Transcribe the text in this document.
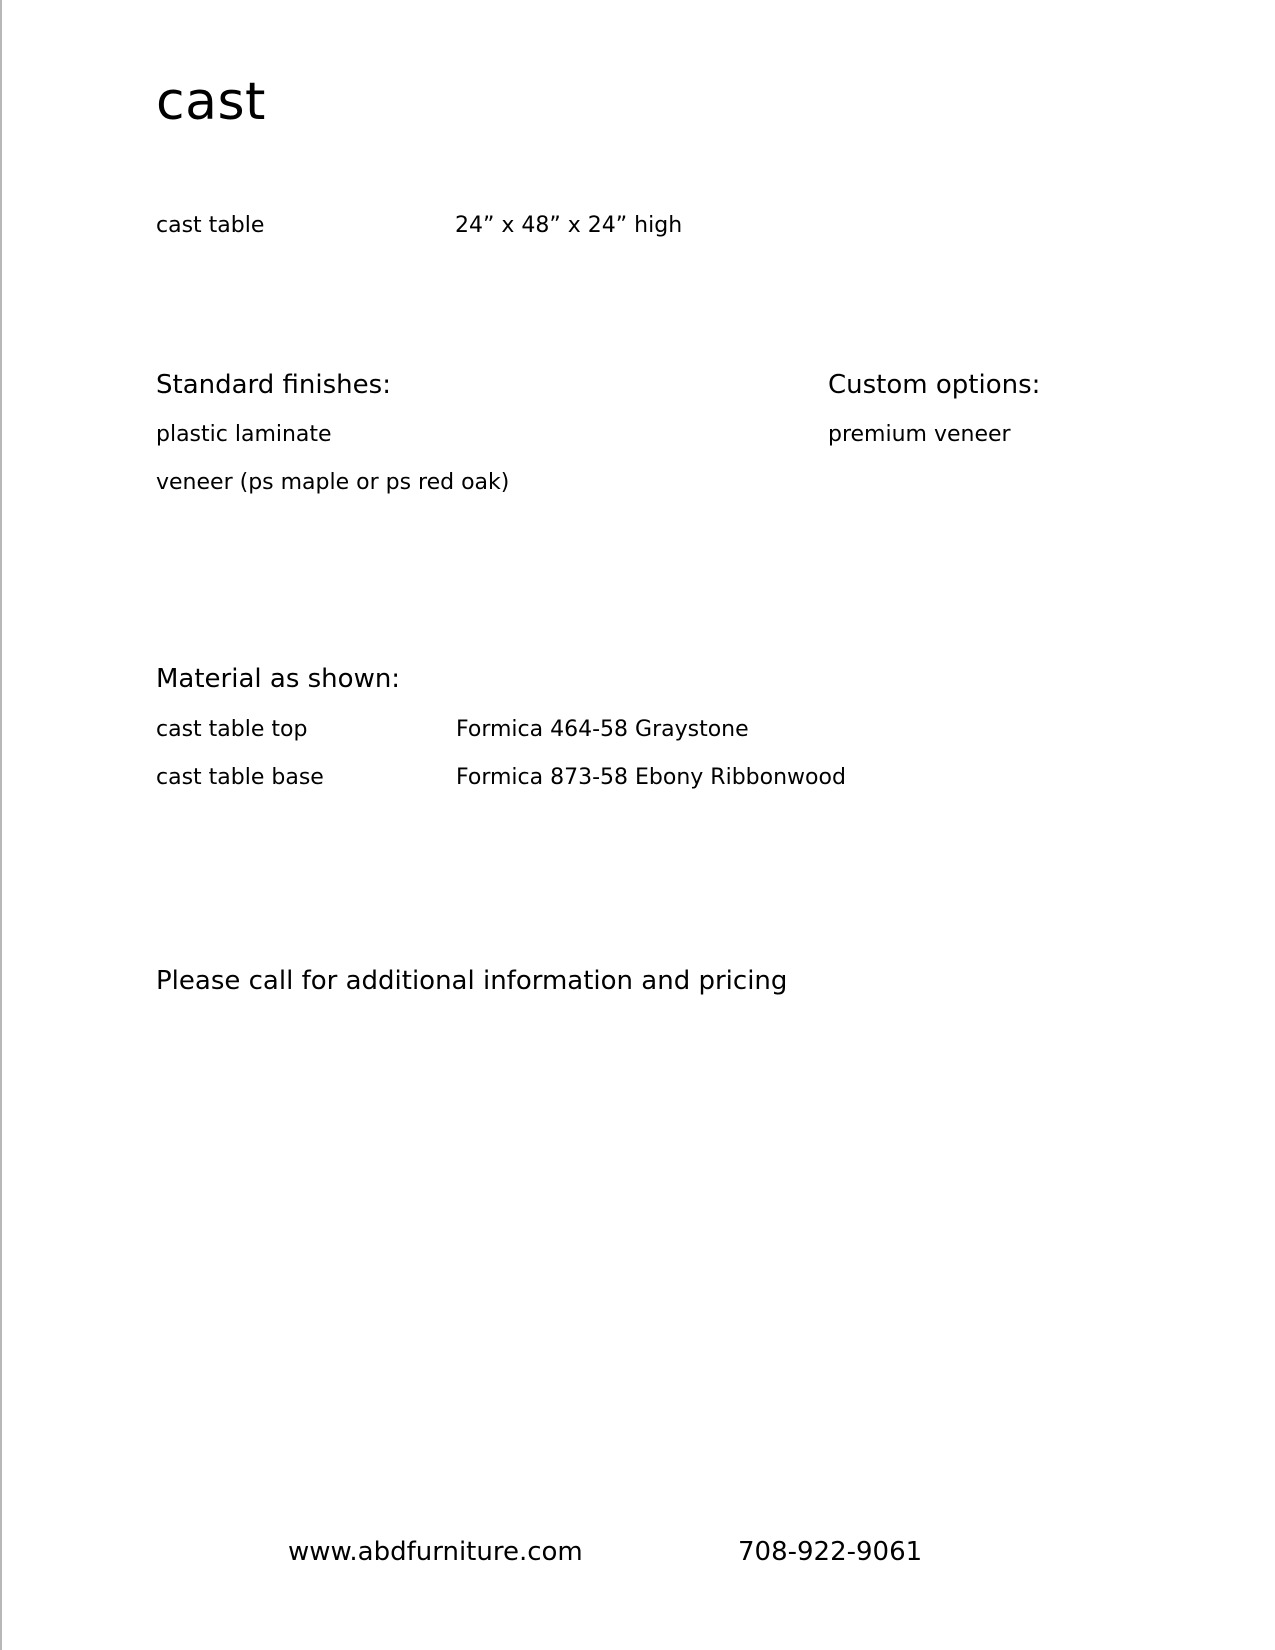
cast
cast table	24” x 48” x 24” high
Standard finishes:
plastic laminate
veneer (ps maple or ps red oak)
Custom options:
premium veneer
Material as shown:
cast table top	Formica 464-58 Graystone
cast table base	Formica 873-58 Ebony Ribbonwood
Please call for additional information and pricing
www.abdfurniture.com	708-922-9061
